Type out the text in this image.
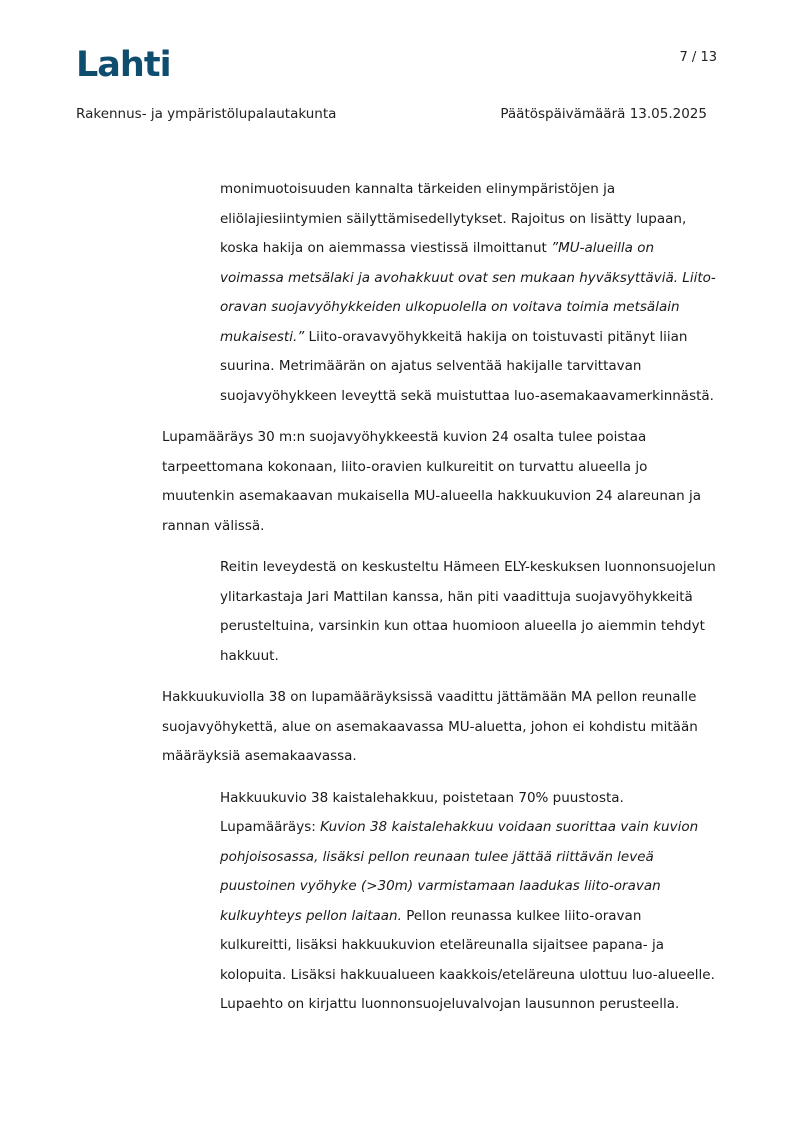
Lahti	7 / 13
Rakennus- ja ympäristölupalautakunta	Päätöspäivämäärä 13.05.2025

monimuotoisuuden kannalta tärkeiden elinympäristöjen ja eliölajiesiintymien säilyttämisedellytykset. Rajoitus on lisätty lupaan, koska hakija on aiemmassa viestissä ilmoittanut ”MU-alueilla on voimassa metsälaki ja avohakkuut ovat sen mukaan hyväksyttäviä. Liito-oravan suojavyöhykkeiden ulkopuolella on voitava toimia metsälain mukaisesti.” Liito-oravavyöhykkeitä hakija on toistuvasti pitänyt liian suurina. Metrimäärän on ajatus selventää hakijalle tarvittavan suojavyöhykkeen leveyttä sekä muistuttaa luo-asemakaavamerkinnästä.

Lupamääräys 30 m:n suojavyöhykkeestä kuvion 24 osalta tulee poistaa tarpeettomana kokonaan, liito-oravien kulkureitit on turvattu alueella jo muutenkin asemakaavan mukaisella MU-alueella hakkuukuvion 24 alareunan ja rannan välissä.

Reitin leveydestä on keskusteltu Hämeen ELY-keskuksen luonnonsuojelun ylitarkastaja Jari Mattilan kanssa, hän piti vaadittuja suojavyöhykkeitä perusteltuina, varsinkin kun ottaa huomioon alueella jo aiemmin tehdyt hakkuut.

Hakkuukuviolla 38 on lupamääräyksissä vaadittu jättämään MA pellon reunalle suojavyöhykettä, alue on asemakaavassa MU-aluetta, johon ei kohdistu mitään määräyksiä asemakaavassa.

Hakkuukuvio 38 kaistalehakkuu, poistetaan 70% puustosta. Lupamääräys: Kuvion 38 kaistalehakkuu voidaan suorittaa vain kuvion pohjoisosassa, lisäksi pellon reunaan tulee jättää riittävän leveä puustoinen vyöhyke (>30m) varmistamaan laadukas liito-oravan kulkuyhteys pellon laitaan. Pellon reunassa kulkee liito-oravan kulkureitti, lisäksi hakkuukuvion eteläreunalla sijaitsee papana- ja kolopuita. Lisäksi hakkuualueen kaakkois/eteläreuna ulottuu luo-alueelle. Lupaehto on kirjattu luonnonsuojeluvalvojan lausunnon perusteella.
